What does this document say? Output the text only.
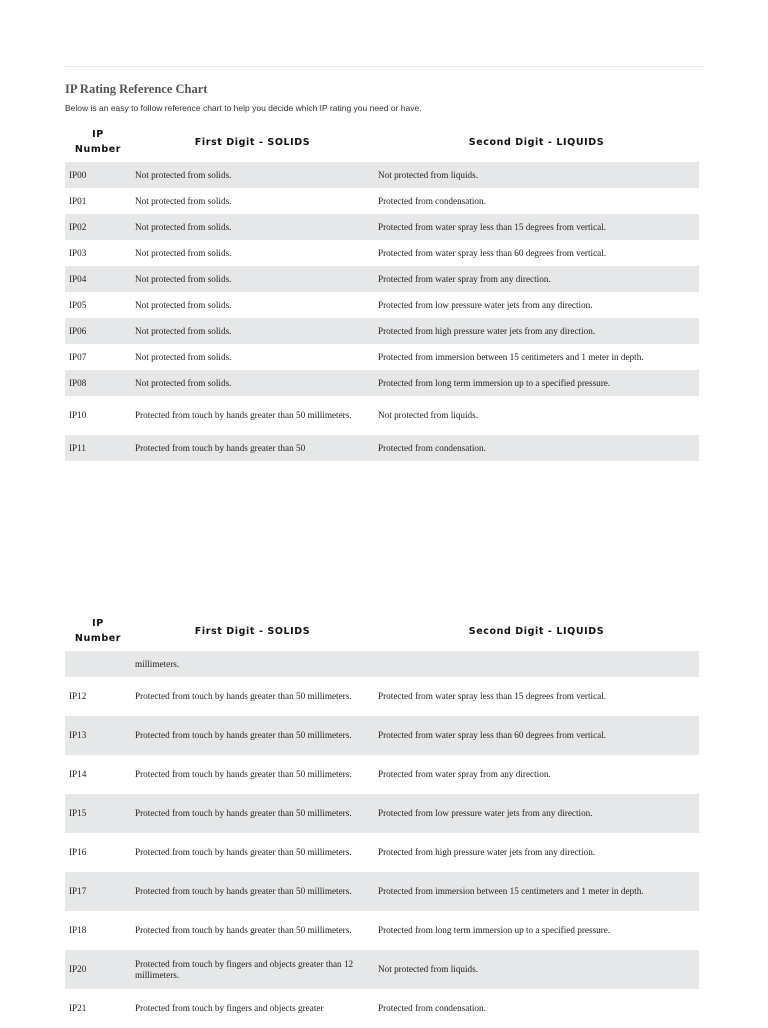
IP Rating Reference Chart
Below is an easy to follow reference chart to help you decide which IP rating you need or have.
IP
Number	First Digit - SOLIDS	Second Digit - LIQUIDS
IP00	Not protected from solids.	Not protected from liquids.
IP01	Not protected from solids.	Protected from condensation.
IP02	Not protected from solids.	Protected from water spray less than 15 degrees from vertical.
IP03	Not protected from solids.	Protected from water spray less than 60 degrees from vertical.
IP04	Not protected from solids.	Protected from water spray from any direction.
IP05	Not protected from solids.	Protected from low pressure water jets from any direction.
IP06	Not protected from solids.	Protected from high pressure water jets from any direction.
IP07	Not protected from solids.	Protected from immersion between 15 centimeters and 1 meter in depth.
IP08	Not protected from solids.	Protected from long term immersion up to a specified pressure.
IP10	Protected from touch by hands greater than 50 millimeters.	Not protected from liquids.
IP11	Protected from touch by hands greater than 50	Protected from condensation.
IP
Number	First Digit - SOLIDS	Second Digit - LIQUIDS
	millimeters.	
IP12	Protected from touch by hands greater than 50 millimeters.	Protected from water spray less than 15 degrees from vertical.
IP13	Protected from touch by hands greater than 50 millimeters.	Protected from water spray less than 60 degrees from vertical.
IP14	Protected from touch by hands greater than 50 millimeters.	Protected from water spray from any direction.
IP15	Protected from touch by hands greater than 50 millimeters.	Protected from low pressure water jets from any direction.
IP16	Protected from touch by hands greater than 50 millimeters.	Protected from high pressure water jets from any direction.
IP17	Protected from touch by hands greater than 50 millimeters.	Protected from immersion between 15 centimeters and 1 meter in depth.
IP18	Protected from touch by hands greater than 50 millimeters.	Protected from long term immersion up to a specified pressure.
IP20	Protected from touch by fingers and objects greater than 12 millimeters.	Not protected from liquids.
IP21	Protected from touch by fingers and objects greater	Protected from condensation.
